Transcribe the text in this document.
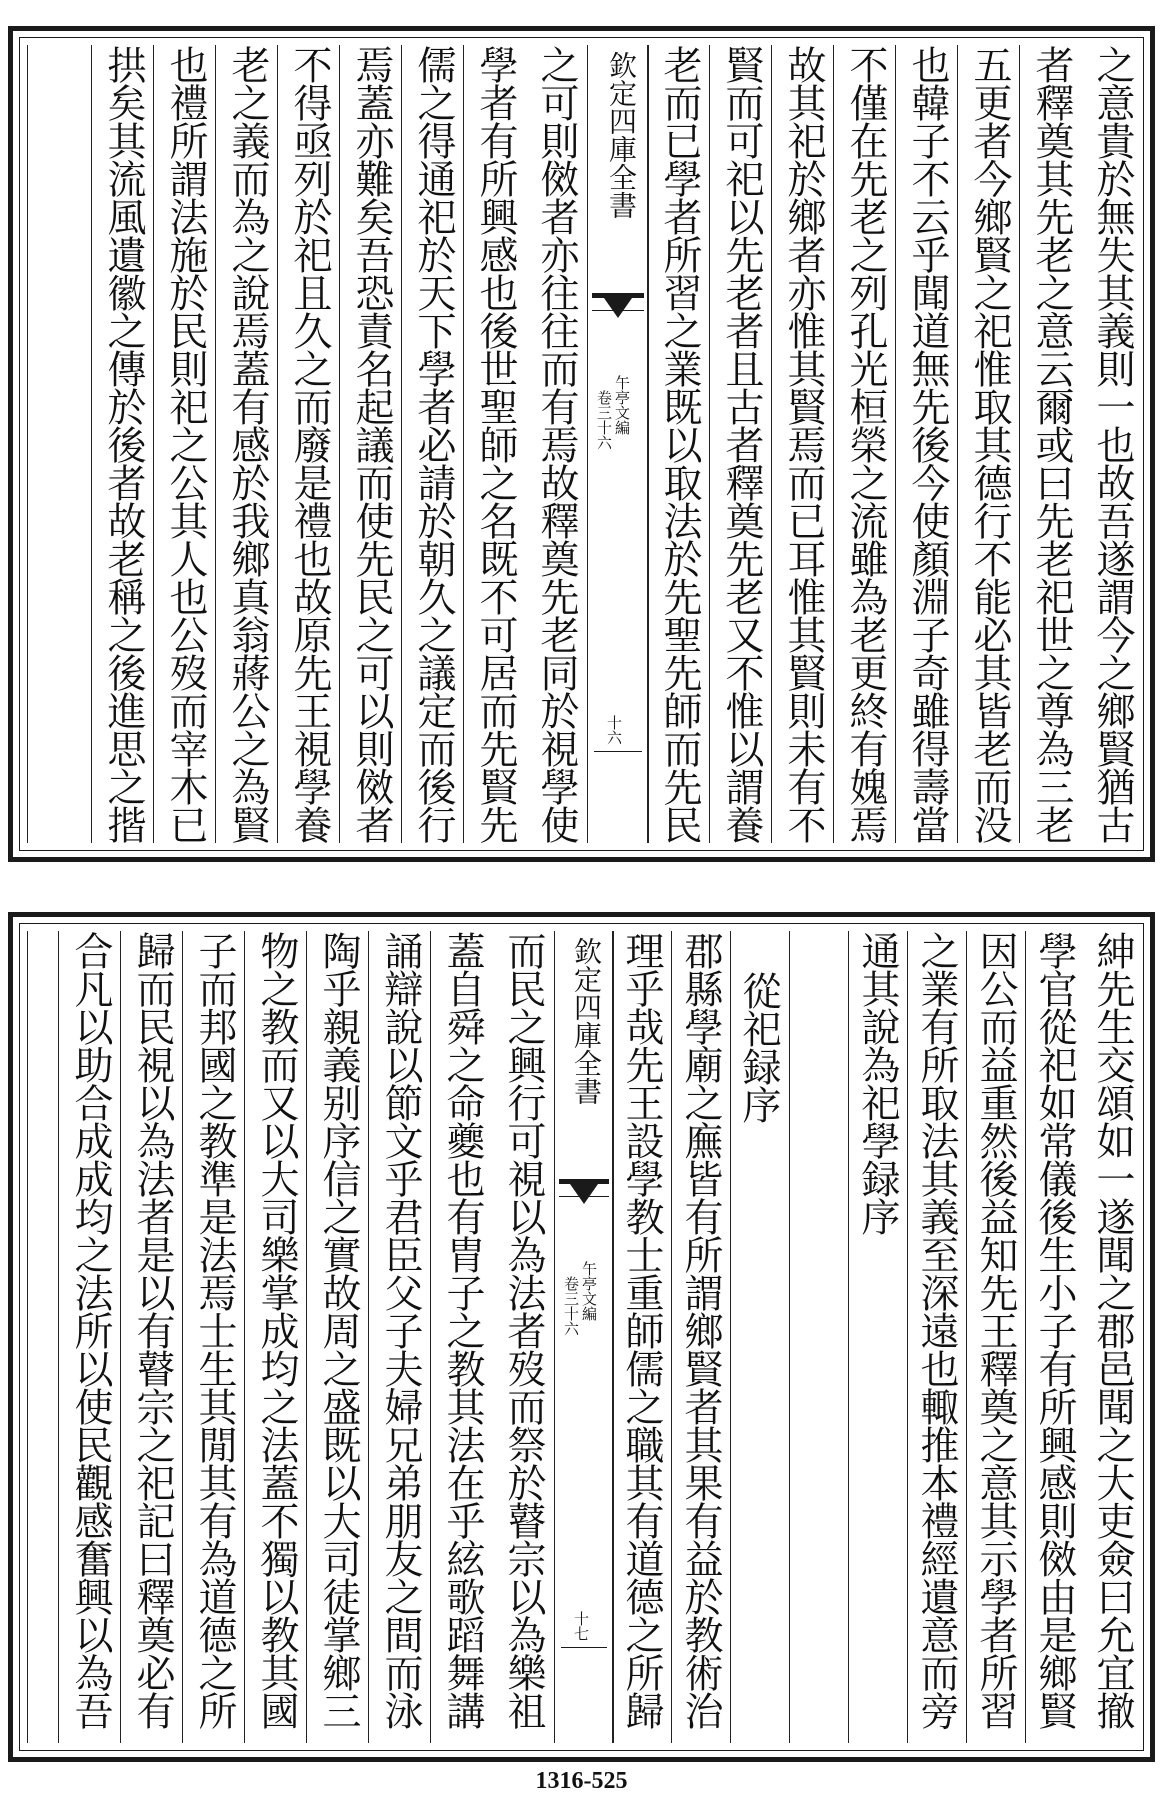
之意貴於無失其義則一也故吾遂謂今之鄉賢猶古
者釋奠其先老之意云爾或曰先老祀世之尊為三老
五更者今鄉賢之祀惟取其德行不能必其皆老而没
也韓子不云乎聞道無先後今使顏淵子奇雖得壽當
不僅在先老之列孔光桓榮之流雖為老更終有媿焉
故其祀於鄉者亦惟其賢焉而已耳惟其賢則未有不
賢而可祀以先老者且古者釋奠先老又不惟以謂養
老而已學者所習之業既以取法於先聖先師而先民
欽定四庫全書
午亭文編
卷三十六
十六
之可則傚者亦往往而有焉故釋奠先老同於視學使
學者有所興感也後世聖師之名既不可居而先賢先
儒之得通祀於天下學者必請於朝久之議定而後行
焉蓋亦難矣吾恐責名起議而使先民之可以則傚者
不得亟列於祀且久之而廢是禮也故原先王視學養
老之義而為之說焉蓋有感於我鄉真翁蔣公之為賢
也禮所謂法施於民則祀之公其人也公歿而宰木已
拱矣其流風遺徽之傳於後者故老稱之後進思之揩
紳先生交頌如一遂聞之郡邑聞之大吏僉曰允宜撤
學官從祀如常儀後生小子有所興感則傚由是鄉賢
因公而益重然後益知先王釋奠之意其示學者所習
之業有所取法其義至深遠也輙推本禮經遺意而旁
通其說為祀學録序
從祀録序
郡縣學廟之廡皆有所謂鄉賢者其果有益於教術治
理乎哉先王設學教士重師儒之職其有道德之所歸
欽定四庫全書
午亭文編
卷三十六
十七
而民之興行可視以為法者歿而祭於瞽宗以為樂祖
蓋自舜之命夔也有胄子之教其法在乎絃歌蹈舞講
誦辯說以節文乎君臣父子夫婦兄弟朋友之間而泳
陶乎親義别序信之實故周之盛既以大司徒掌鄉三
物之教而又以大司樂掌成均之法蓋不獨以教其國
子而邦國之教準是法焉士生其閒其有為道德之所
歸而民視以為法者是以有瞽宗之祀記曰釋奠必有
合凡以助合成成均之法所以使民觀感奮興以為吾
1316-525
